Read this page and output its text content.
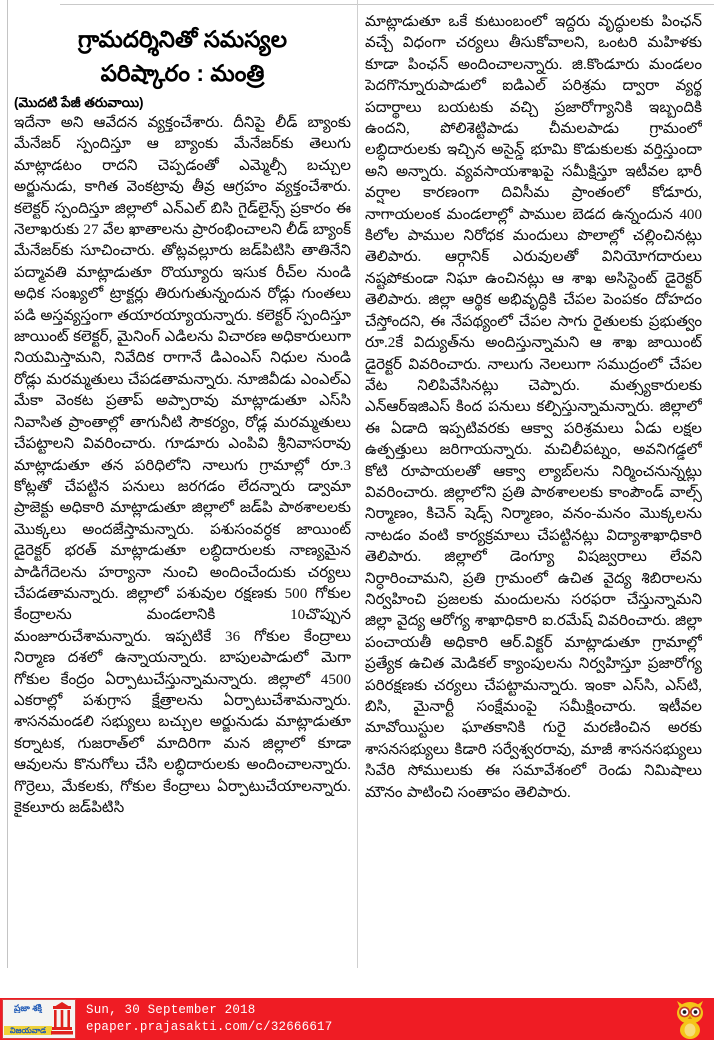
గ్రామదర్శినితో సమస్యల
పరిష్కారం : మంత్రి
(మొదటి పేజీ తరువాయి)

ఇదేనా అని ఆవేదన వ్యక్తంచేశారు. దీనిపై లీడ్ బ్యాంకు మేనేజర్ స్పందిస్తూ ఆ బ్యాంకు మేనేజర్‌కు తెలుగు మాట్లాడటం రాదని చెప్పడంతో ఎమ్మెల్సీ బచ్చుల అర్జునుడు, కాగిత వెంకట్రావు తీవ్ర ఆగ్రహం వ్యక్తంచేశారు. కలెక్టర్ స్పందిస్తూ జిల్లాలో ఎన్‌ఎల్ బిసి గైడ్‌లైన్స్ ప్రకారం ఈ నెలాఖరుకు 27 వేల ఖాతాలను ప్రారంభించాలని లీడ్ బ్యాంక్ మేనేజర్‌కు సూచించారు. తోట్లవల్లూరు జడ్‌పిటిసి తాతినేని పద్మావతి మాట్లాడుతూ రొయ్యూరు ఇసుక రీచ్‌ల నుండి అధిక సంఖ్యలో ట్రాక్టర్లు తిరుగుతున్నందున రోడ్లు గుంతలు పడి అస్తవ్యస్తంగా తయారయ్యాయన్నారు. కలెక్టర్ స్పందిస్తూ జాయింట్ కలెక్టర్, మైనింగ్ ఎడిలను విచారణ అధికారులుగా నియమిస్తామని, నివేదిక రాగానే డిఎంఎస్ నిధుల నుండి రోడ్లు మరమ్మతులు చేపడతామన్నారు. నూజివీడు ఎంఎల్ఎ మేకా వెంకట ప్రతాప్ అప్పారావు మాట్లాడుతూ ఎస్‌సి నివాసిత ప్రాంతాల్లో తాగునీటి సౌకర్యం, రోడ్ల మరమ్మతులు చేపట్టాలని వివరించారు. గూడూరు ఎంపివి శ్రీనివాసరావు మాట్లాడుతూ తన పరిధిలోని నాలుగు గ్రామాల్లో రూ.3 కోట్లతో చేపట్టిన పనులు జరగడం లేదన్నారు డ్వామా ప్రాజెక్టు అధికారి మాట్లాడుతూ జిల్లాలో జడ్‌పి పాఠశాలలకు మొక్కలు అందజేస్తామన్నారు. పశుసంవర్ధక జాయింట్ డైరెక్టర్ భరత్ మాట్లాడుతూ లబ్ధిదారులకు నాణ్యమైన పాడిగేదెలను హర్యానా నుంచి అందించేందుకు చర్యలు చేపడతామన్నారు. జిల్లాలో పశువుల రక్షణకు 500 గోకుల కేంద్రాలను మండలానికి 10చొప్పున మంజూరుచేశామన్నారు. ఇప్పటికే 36 గోకుల కేంద్రాలు నిర్మాణ దశలో ఉన్నాయన్నారు. బాపులపాడులో మెగా గోకుల కేంద్రం ఏర్పాటుచేస్తున్నామన్నారు. జిల్లాలో 4500 ఎకరాల్లో పశుగ్రాస క్షేత్రాలను ఏర్పాటుచేశామన్నారు. శాసనమండలి సభ్యులు బచ్చుల అర్జునుడు మాట్లాడుతూ కర్నాటక, గుజరాత్‌లో మాదిరిగా మన జిల్లాలో కూడా ఆవులను కొనుగోలు చేసి లబ్ధిదారులకు అందించాలన్నారు. గొర్రెలు, మేకలకు, గోకుల కేంద్రాలు ఏర్పాటుచేయాలన్నారు. కైకలూరు జడ్‌పిటిసి

మాట్లాడుతూ ఒకే కుటుంబంలో ఇద్దరు వృద్ధులకు పింఛన్ వచ్చే విధంగా చర్యలు తీసుకోవాలని, ఒంటరి మహిళకు కూడా పింఛన్ అందించాలన్నారు. జి.కొండూరు మండలం పెదగొన్నూరుపాడులో ఐడిఎల్ పరిశ్రమ ద్వారా వ్యర్థ పదార్థాలు బయటకు వచ్చి ప్రజారోగ్యానికి ఇబ్బందికి ఉందని, పోలిశెట్టిపాడు చీమలపాడు గ్రామంలో లబ్ధిదారులకు ఇచ్చిన అసైన్డ్ భూమి కొడుకులకు వర్తిస్తుందా అని అన్నారు. వ్యవసాయశాఖపై సమీక్షిస్తూ ఇటీవల భారీ వర్షాల కారణంగా దివిసీమ ప్రాంతంలో కోడూరు, నాగాయలంక మండలాల్లో పాముల బెడద ఉన్నందున 400 కిలోల పాముల నిరోధక మందులు పొలాల్లో చల్లించినట్లు తెలిపారు. ఆర్గానిక్ ఎరువులతో వినియోగదారులు నష్టపోకుండా నిఘా ఉంచినట్లు ఆ శాఖ అసిస్టెంట్ డైరెక్టర్ తెలిపారు. జిల్లా ఆర్థిక అభివృద్ధికి చేపల పెంపకం దోహదం చేస్తోందని, ఈ నేపథ్యంలో చేపల సాగు రైతులకు ప్రభుత్వం రూ.2కే విద్యుత్‌ను అందిస్తున్నామని ఆ శాఖ జాయింట్ డైరెక్టర్ వివరించారు. నాలుగు నెలలుగా సముద్రంలో చేపల వేట నిలిపివేసినట్లు చెప్పారు. మత్స్యకారులకు ఎన్‌ఆర్‌ఇజిఎస్ కింద పనులు కల్పిస్తున్నామన్నారు. జిల్లాలో ఈ ఏడాది ఇప్పటివరకు ఆక్వా పరిశ్రమలు ఏడు లక్షల ఉత్పత్తులు జరిగాయన్నారు. మచిలీపట్నం, అవనిగడ్డలో కోటి రూపాయలతో ఆక్వా ల్యాబ్‌లను నిర్మించనున్నట్లు వివరించారు. జిల్లాలోని ప్రతి పాఠశాలలకు కాంపౌండ్ వాల్స్ నిర్మాణం, కిచెన్ షెడ్స్ నిర్మాణం, వనం-మనం మొక్కలను నాటడం వంటి కార్యక్రమాలు చేపట్టినట్లు విద్యాశాఖాధికారి తెలిపారు. జిల్లాలో డెంగ్యూ విషజ్వరాలు లేవని నిర్ధారించామని, ప్రతి గ్రామంలో ఉచిత వైద్య శిబిరాలను నిర్వహించి ప్రజలకు మందులను సరఫరా చేస్తున్నామని జిల్లా వైద్య ఆరోగ్య శాఖాధికారి ఐ.రమేష్ వివరించారు. జిల్లా పంచాయతీ అధికారి ఆర్.విక్టర్ మాట్లాడుతూ గ్రామాల్లో ప్రత్యేక ఉచిత మెడికల్ క్యాంపులను నిర్వహిస్తూ ప్రజారోగ్య పరిరక్షణకు చర్యలు చేపట్టామన్నారు. ఇంకా ఎస్‌సి, ఎస్‌టి, బిసి, మైనార్టీ సంక్షేమంపై సమీక్షించారు. ఇటీవల మావోయిస్టుల ఘాతకానికి గురై మరణించిన అరకు శాసనసభ్యులు కిడారి సర్వేశ్వరరావు, మాజీ శాసనసభ్యులు సివేరి సోములుకు ఈ సమావేశంలో రెండు నిమిషాలు మౌనం పాటించి సంతాపం తెలిపారు.

ప్రజా శక్తి
విజయవాడ
Sun, 30 September 2018
epaper.prajasakti.com/c/32666617
